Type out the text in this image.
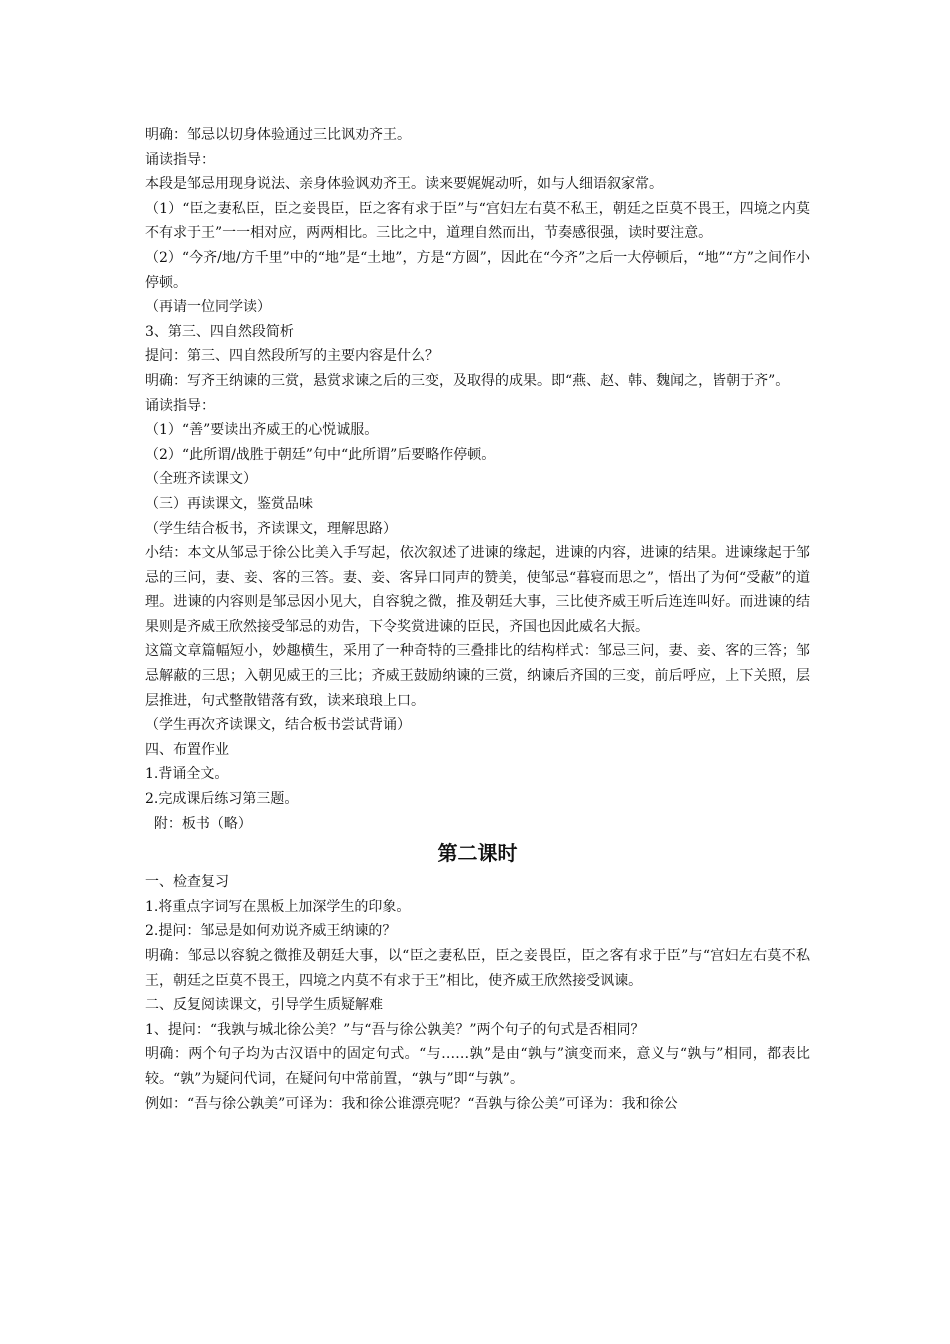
明确：邹忌以切身体验通过三比讽劝齐王。
诵读指导：
本段是邹忌用现身说法、亲身体验讽劝齐王。读来要娓娓动听，如与人细语叙家常。
（1）“臣之妻私臣，臣之妾畏臣，臣之客有求于臣”与“宫妇左右莫不私王，朝廷之臣莫不畏王，四境之内莫不有求于王”一一相对应，两两相比。三比之中，道理自然而出，节奏感很强，读时要注意。
（2）“今齐/地/方千里”中的“地”是“土地”，方是“方圆”，因此在“今齐”之后一大停顿后，“地”“方”之间作小停顿。
（再请一位同学读）
3、第三、四自然段简析
提问：第三、四自然段所写的主要内容是什么？
明确：写齐王纳谏的三赏，悬赏求谏之后的三变，及取得的成果。即“燕、赵、韩、魏闻之，皆朝于齐”。
诵读指导：
（1）“善”要读出齐威王的心悦诚服。
（2）“此所谓/战胜于朝廷”句中“此所谓”后要略作停顿。
（全班齐读课文）
（三）再读课文，鉴赏品味
（学生结合板书，齐读课文，理解思路）
小结：本文从邹忌于徐公比美入手写起，依次叙述了进谏的缘起，进谏的内容，进谏的结果。进谏缘起于邹忌的三问，妻、妾、客的三答。妻、妾、客异口同声的赞美，使邹忌“暮寝而思之”，悟出了为何“受蔽”的道理。进谏的内容则是邹忌因小见大，自容貌之微，推及朝廷大事，三比使齐威王听后连连叫好。而进谏的结果则是齐威王欣然接受邹忌的劝告，下令奖赏进谏的臣民，齐国也因此威名大振。
这篇文章篇幅短小，妙趣横生，采用了一种奇特的三叠排比的结构样式：邹忌三问，妻、妾、客的三答；邹忌解蔽的三思；入朝见威王的三比；齐威王鼓励纳谏的三赏，纳谏后齐国的三变，前后呼应，上下关照，层层推进，句式整散错落有致，读来琅琅上口。
（学生再次齐读课文，结合板书尝试背诵）
四、布置作业
1.背诵全文。
2.完成课后练习第三题。
附：板书（略）
第二课时
一、检查复习
1.将重点字词写在黑板上加深学生的印象。
2.提问：邹忌是如何劝说齐威王纳谏的？
明确：邹忌以容貌之微推及朝廷大事，以“臣之妻私臣，臣之妾畏臣，臣之客有求于臣”与“宫妇左右莫不私王，朝廷之臣莫不畏王，四境之内莫不有求于王”相比，使齐威王欣然接受讽谏。
二、反复阅读课文，引导学生质疑解难
1、提问：“我孰与城北徐公美？”与“吾与徐公孰美？”两个句子的句式是否相同？
明确：两个句子均为古汉语中的固定句式。“与……孰”是由“孰与”演变而来，意义与“孰与”相同，都表比较。“孰”为疑问代词，在疑问句中常前置，“孰与”即“与孰”。
例如：“吾与徐公孰美”可译为：我和徐公谁漂亮呢？“吾孰与徐公美”可译为：我和徐公
